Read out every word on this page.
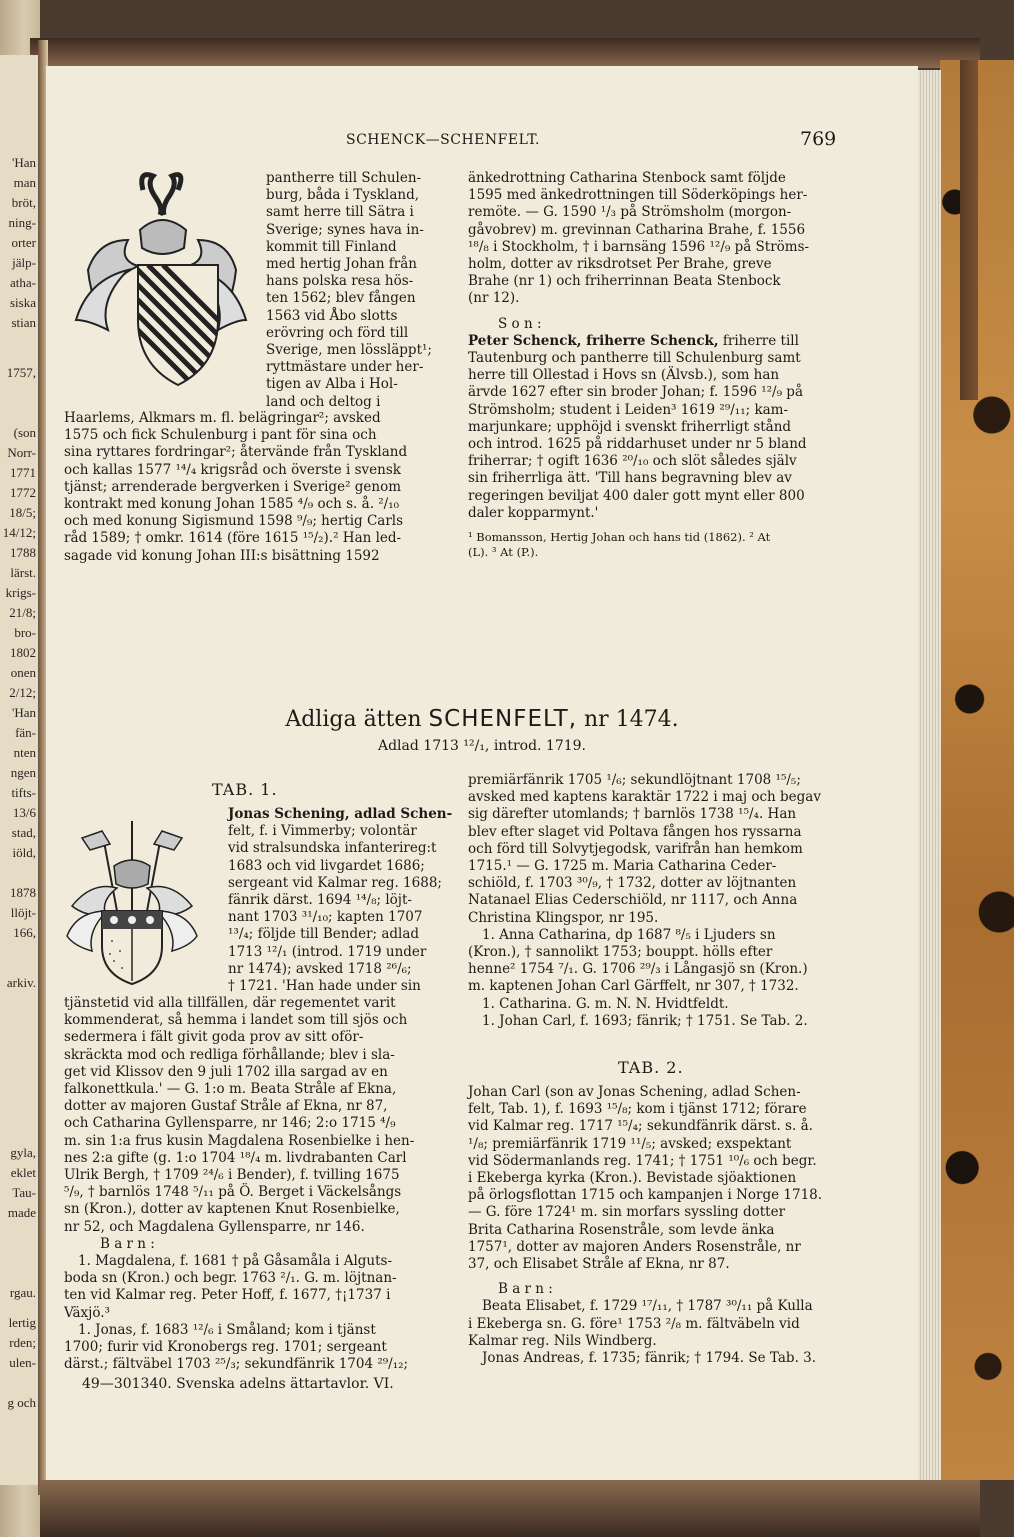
'Han
man
bröt,
ning-
orter
jälp-
atha-
siska
stian
1757,
(son
Norr-
1771
1772
18/5;
14/12;
1788
lärst.
krigs-
21/8;
bro-
1802
onen
2/12;
'Han
fän-
nten
ngen
tifts-
13/6
stad,
iöld,
1878
llöjt-
166,
arkiv.
gyla,
eklet
Tau-
made
rgau.
lertig
rden;
ulen-
g och
SCHENCK—SCHENFELT.	769
pantherre till Schulen-
burg, båda i Tyskland,
samt herre till Sätra i
Sverige; synes hava in-
kommit till Finland
med hertig Johan från
hans polska resa hös-
ten 1562; blev fången
1563 vid Åbo slotts
erövring och förd till
Sverige, men lössläppt¹;
ryttmästare under her-
tigen av Alba i Hol-
land och deltog i
Haarlems, Alkmars m. fl. belägringar²; avsked
1575 och fick Schulenburg i pant för sina och
sina ryttares fordringar²; återvände från Tyskland
och kallas 1577 ¹⁴/₄ krigsråd och överste i svensk
tjänst; arrenderade bergverken i Sverige² genom
kontrakt med konung Johan 1585 ⁴/₉ och s. å. ²/₁₀
och med konung Sigismund 1598 ⁹/₉; hertig Carls
råd 1589; † omkr. 1614 (före 1615 ¹⁵/₂).² Han led-
sagade vid konung Johan III:s bisättning 1592
änkedrottning Catharina Stenbock samt följde
1595 med änkedrottningen till Söderköpings her-
remöte. — G. 1590 ¹/₃ på Strömsholm (morgon-
gåvobrev) m. grevinnan Catharina Brahe, f. 1556
¹⁸/₈ i Stockholm, † i barnsäng 1596 ¹²/₉ på Ströms-
holm, dotter av riksdrotset Per Brahe, greve
Brahe (nr 1) och friherrinnan Beata Stenbock
(nr 12).
S o n :
Peter Schenck, friherre Schenck, friherre till
Tautenburg och pantherre till Schulenburg samt
herre till Ollestad i Hovs sn (Älvsb.), som han
ärvde 1627 efter sin broder Johan; f. 1596 ¹²/₉ på
Strömsholm; student i Leiden³ 1619 ²⁹/₁₁; kam-
marjunkare; upphöjd i svenskt friherrligt stånd
och introd. 1625 på riddarhuset under nr 5 bland
friherrar; † ogift 1636 ²⁰/₁₀ och slöt således själv
sin friherrliga ätt. 'Till hans begravning blev av
regeringen beviljat 400 daler gott mynt eller 800
daler kopparmynt.'
¹ Bomansson, Hertig Johan och hans tid (1862). ² At
(L). ³ At (P.).
Adliga ätten SCHENFELT, nr 1474.
Adlad 1713 ¹²/₁, introd. 1719.
TAB. 1.
Jonas Schening, adlad Schen-
felt, f. i Vimmerby; volontär
vid stralsundska infanterireg:t
1683 och vid livgardet 1686;
sergeant vid Kalmar reg. 1688;
fänrik därst. 1694 ¹⁴/₈; löjt-
nant 1703 ³¹/₁₀; kapten 1707
¹³/₄; följde till Bender; adlad
1713 ¹²/₁ (introd. 1719 under
nr 1474); avsked 1718 ²⁶/₆;
† 1721. 'Han hade under sin
tjänstetid vid alla tillfällen, där regementet varit
kommenderat, så hemma i landet som till sjös och
sedermera i fält givit goda prov av sitt oför-
skräckta mod och redliga förhållande; blev i sla-
get vid Klissov den 9 juli 1702 illa sargad av en
falkonettkula.' — G. 1:o m. Beata Stråle af Ekna,
dotter av majoren Gustaf Stråle af Ekna, nr 87,
och Catharina Gyllensparre, nr 146; 2:o 1715 ⁴/₉
m. sin 1:a frus kusin Magdalena Rosenbielke i hen-
nes 2:a gifte (g. 1:o 1704 ¹⁸/₄ m. livdrabanten Carl
Ulrik Bergh, † 1709 ²⁴/₆ i Bender), f. tvilling 1675
⁵/₉, † barnlös 1748 ⁵/₁₁ på Ö. Berget i Väckelsångs
sn (Kron.), dotter av kaptenen Knut Rosenbielke,
nr 52, och Magdalena Gyllensparre, nr 146.
B a r n :
1. Magdalena, f. 1681 † på Gåsamåla i Alguts-
boda sn (Kron.) och begr. 1763 ²/₁. G. m. löjtnan-
ten vid Kalmar reg. Peter Hoff, f. 1677, †¡1737 i
Växjö.³
1. Jonas, f. 1683 ¹²/₆ i Småland; kom i tjänst
1700; furir vid Kronobergs reg. 1701; sergeant
därst.; fältväbel 1703 ²⁵/₃; sekundfänrik 1704 ²⁹/₁₂;
49—301340. Svenska adelns ättartavlor. VI.
premiärfänrik 1705 ¹/₆; sekundlöjtnant 1708 ¹⁵/₅;
avsked med kaptens karaktär 1722 i maj och begav
sig därefter utomlands; † barnlös 1738 ¹⁵/₄. Han
blev efter slaget vid Poltava fången hos ryssarna
och förd till Solvytjegodsk, varifrån han hemkom
1715.¹ — G. 1725 m. Maria Catharina Ceder-
schiöld, f. 1703 ³⁰/₉, † 1732, dotter av löjtnanten
Natanael Elias Cederschiöld, nr 1117, och Anna
Christina Klingspor, nr 195.
1. Anna Catharina, dp 1687 ⁸/₅ i Ljuders sn
(Kron.), † sannolikt 1753; bouppt. hölls efter
henne² 1754 ⁷/₁. G. 1706 ²⁹/₃ i Långasjö sn (Kron.)
m. kaptenen Johan Carl Gärffelt, nr 307, † 1732.
1. Catharina. G. m. N. N. Hvidtfeldt.
1. Johan Carl, f. 1693; fänrik; † 1751. Se Tab. 2.
TAB. 2.
Johan Carl (son av Jonas Schening, adlad Schen-
felt, Tab. 1), f. 1693 ¹⁵/₈; kom i tjänst 1712; förare
vid Kalmar reg. 1717 ¹⁵/₄; sekundfänrik därst. s. å.
¹/₈; premiärfänrik 1719 ¹¹/₅; avsked; exspektant
vid Södermanlands reg. 1741; † 1751 ¹⁰/₆ och begr.
i Ekeberga kyrka (Kron.). Bevistade sjöaktionen
på örlogsflottan 1715 och kampanjen i Norge 1718.
— G. före 1724¹ m. sin morfars syssling dotter
Brita Catharina Rosenstråle, som levde änka
1757¹, dotter av majoren Anders Rosenstråle, nr
37, och Elisabet Stråle af Ekna, nr 87.
B a r n :
Beata Elisabet, f. 1729 ¹⁷/₁₁, † 1787 ³⁰/₁₁ på Kulla
i Ekeberga sn. G. före¹ 1753 ²/₈ m. fältväbeln vid
Kalmar reg. Nils Windberg.
Jonas Andreas, f. 1735; fänrik; † 1794. Se Tab. 3.
